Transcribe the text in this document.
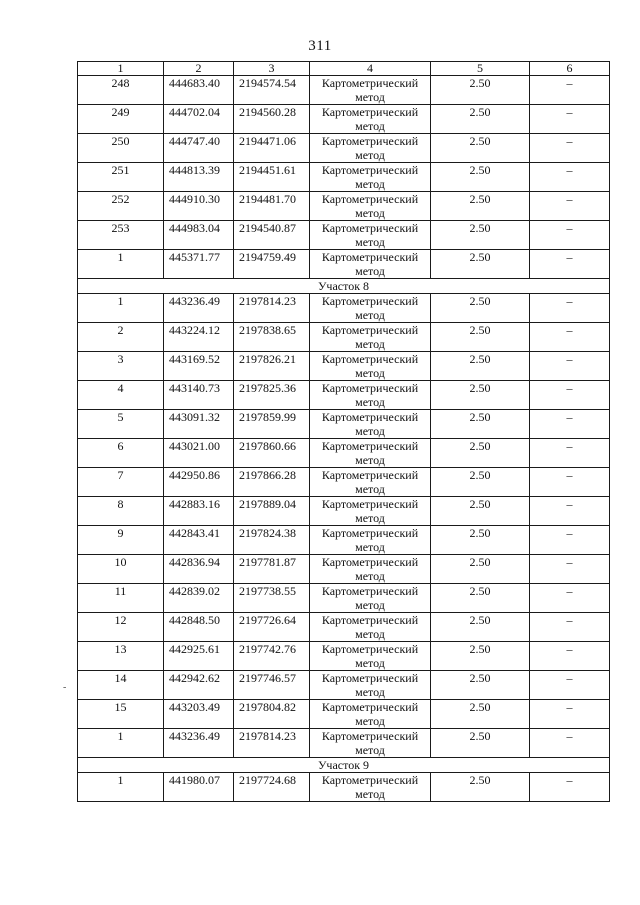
311
1	2	3	4	5	6
248	444683.40	2194574.54	Картометрический метод	2.50	–
249	444702.04	2194560.28	Картометрический метод	2.50	–
250	444747.40	2194471.06	Картометрический метод	2.50	–
251	444813.39	2194451.61	Картометрический метод	2.50	–
252	444910.30	2194481.70	Картометрический метод	2.50	–
253	444983.04	2194540.87	Картометрический метод	2.50	–
1	445371.77	2194759.49	Картометрический метод	2.50	–
Участок 8					
1	443236.49	2197814.23	Картометрический метод	2.50	–
2	443224.12	2197838.65	Картометрический метод	2.50	–
3	443169.52	2197826.21	Картометрический метод	2.50	–
4	443140.73	2197825.36	Картометрический метод	2.50	–
5	443091.32	2197859.99	Картометрический метод	2.50	–
6	443021.00	2197860.66	Картометрический метод	2.50	–
7	442950.86	2197866.28	Картометрический метод	2.50	–
8	442883.16	2197889.04	Картометрический метод	2.50	–
9	442843.41	2197824.38	Картометрический метод	2.50	–
10	442836.94	2197781.87	Картометрический метод	2.50	–
11	442839.02	2197738.55	Картометрический метод	2.50	–
12	442848.50	2197726.64	Картометрический метод	2.50	–
13	442925.61	2197742.76	Картометрический метод	2.50	–
14	442942.62	2197746.57	Картометрический метод	2.50	–
15	443203.49	2197804.82	Картометрический метод	2.50	–
1	443236.49	2197814.23	Картометрический метод	2.50	–
Участок 9					
1	441980.07	2197724.68	Картометрический метод	2.50	–
-
